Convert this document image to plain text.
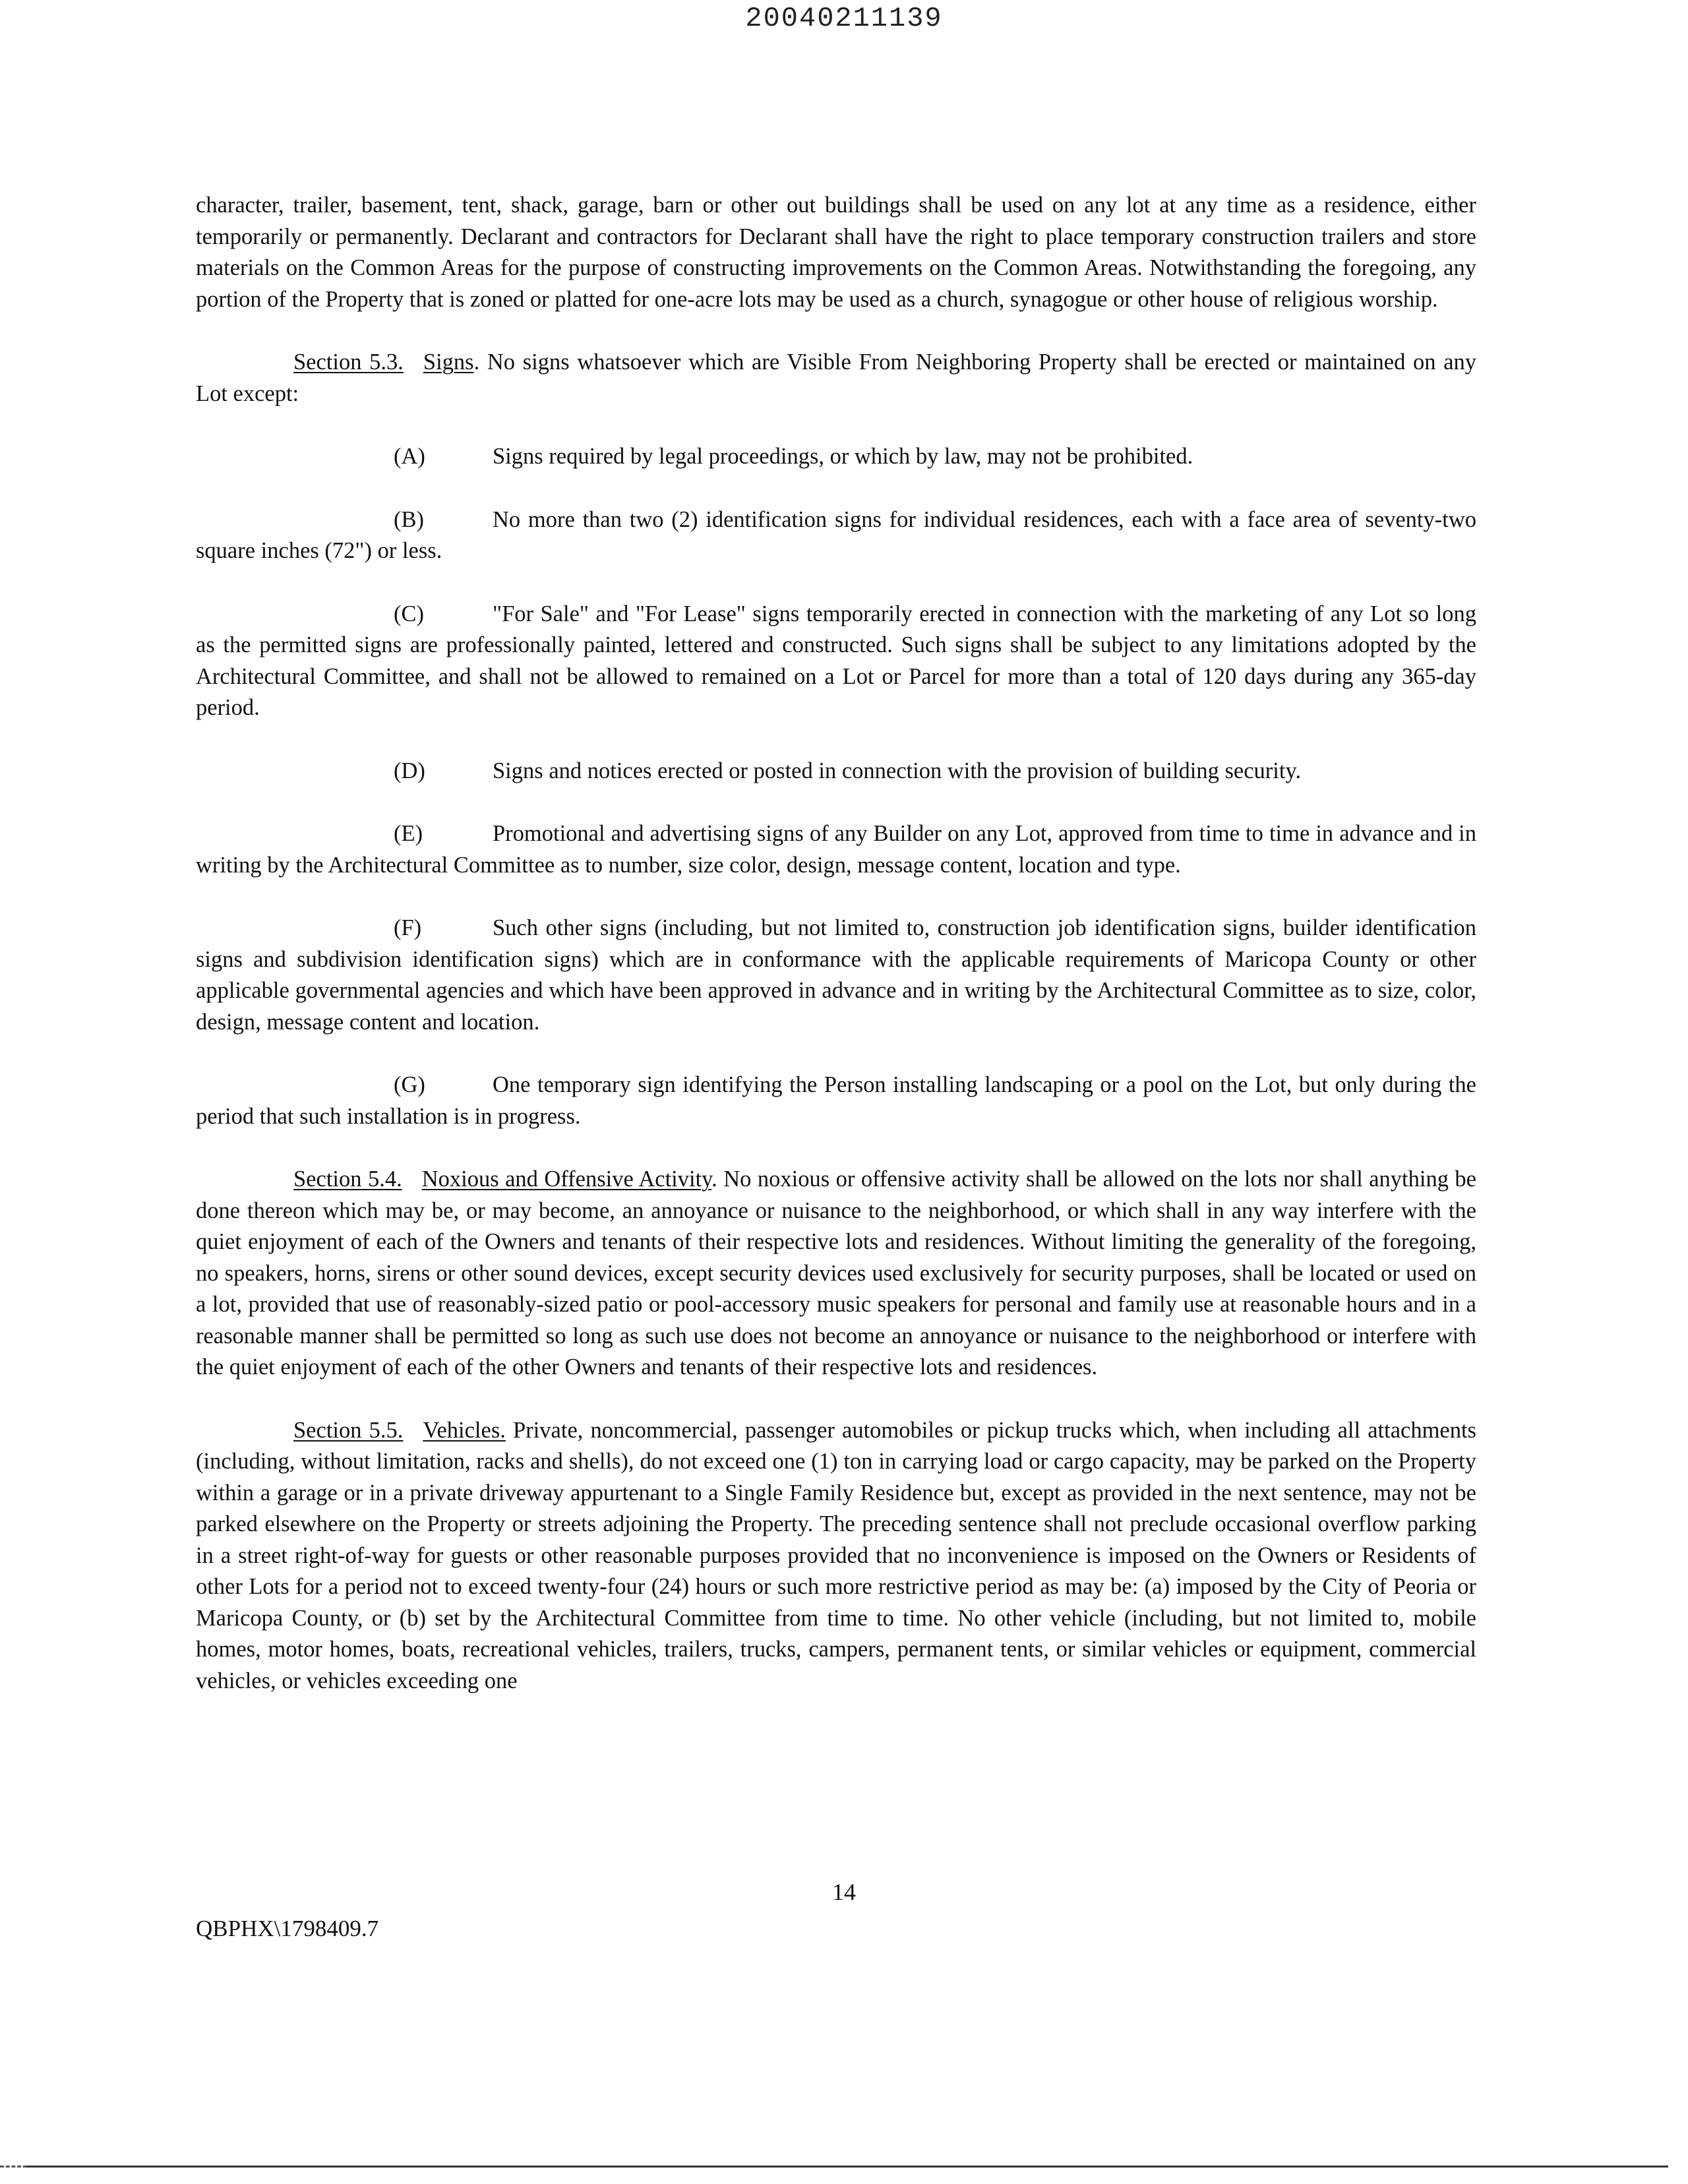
20040211139

character, trailer, basement, tent, shack, garage, barn or other out buildings shall be used on any lot at any time as a residence, either temporarily or permanently. Declarant and contractors for Declarant shall have the right to place temporary construction trailers and store materials on the Common Areas for the purpose of constructing improvements on the Common Areas. Notwithstanding the foregoing, any portion of the Property that is zoned or platted for one-acre lots may be used as a church, synagogue or other house of religious worship.

Section 5.3. Signs. No signs whatsoever which are Visible From Neighboring Property shall be erected or maintained on any Lot except:

(A)	Signs required by legal proceedings, or which by law, may not be prohibited.

(B)	No more than two (2) identification signs for individual residences, each with a face area of seventy-two square inches (72") or less.

(C)	"For Sale" and "For Lease" signs temporarily erected in connection with the marketing of any Lot so long as the permitted signs are professionally painted, lettered and constructed. Such signs shall be subject to any limitations adopted by the Architectural Committee, and shall not be allowed to remained on a Lot or Parcel for more than a total of 120 days during any 365-day period.

(D)	Signs and notices erected or posted in connection with the provision of building security.

(E)	Promotional and advertising signs of any Builder on any Lot, approved from time to time in advance and in writing by the Architectural Committee as to number, size color, design, message content, location and type.

(F)	Such other signs (including, but not limited to, construction job identification signs, builder identification signs and subdivision identification signs) which are in conformance with the applicable requirements of Maricopa County or other applicable governmental agencies and which have been approved in advance and in writing by the Architectural Committee as to size, color, design, message content and location.

(G)	One temporary sign identifying the Person installing landscaping or a pool on the Lot, but only during the period that such installation is in progress.

Section 5.4. Noxious and Offensive Activity. No noxious or offensive activity shall be allowed on the lots nor shall anything be done thereon which may be, or may become, an annoyance or nuisance to the neighborhood, or which shall in any way interfere with the quiet enjoyment of each of the Owners and tenants of their respective lots and residences. Without limiting the generality of the foregoing, no speakers, horns, sirens or other sound devices, except security devices used exclusively for security purposes, shall be located or used on a lot, provided that use of reasonably-sized patio or pool-accessory music speakers for personal and family use at reasonable hours and in a reasonable manner shall be permitted so long as such use does not become an annoyance or nuisance to the neighborhood or interfere with the quiet enjoyment of each of the other Owners and tenants of their respective lots and residences.

Section 5.5. Vehicles. Private, noncommercial, passenger automobiles or pickup trucks which, when including all attachments (including, without limitation, racks and shells), do not exceed one (1) ton in carrying load or cargo capacity, may be parked on the Property within a garage or in a private driveway appurtenant to a Single Family Residence but, except as provided in the next sentence, may not be parked elsewhere on the Property or streets adjoining the Property. The preceding sentence shall not preclude occasional overflow parking in a street right-of-way for guests or other reasonable purposes provided that no inconvenience is imposed on the Owners or Residents of other Lots for a period not to exceed twenty-four (24) hours or such more restrictive period as may be: (a) imposed by the City of Peoria or Maricopa County, or (b) set by the Architectural Committee from time to time. No other vehicle (including, but not limited to, mobile homes, motor homes, boats, recreational vehicles, trailers, trucks, campers, permanent tents, or similar vehicles or equipment, commercial vehicles, or vehicles exceeding one

14
QBPHX\1798409.7
